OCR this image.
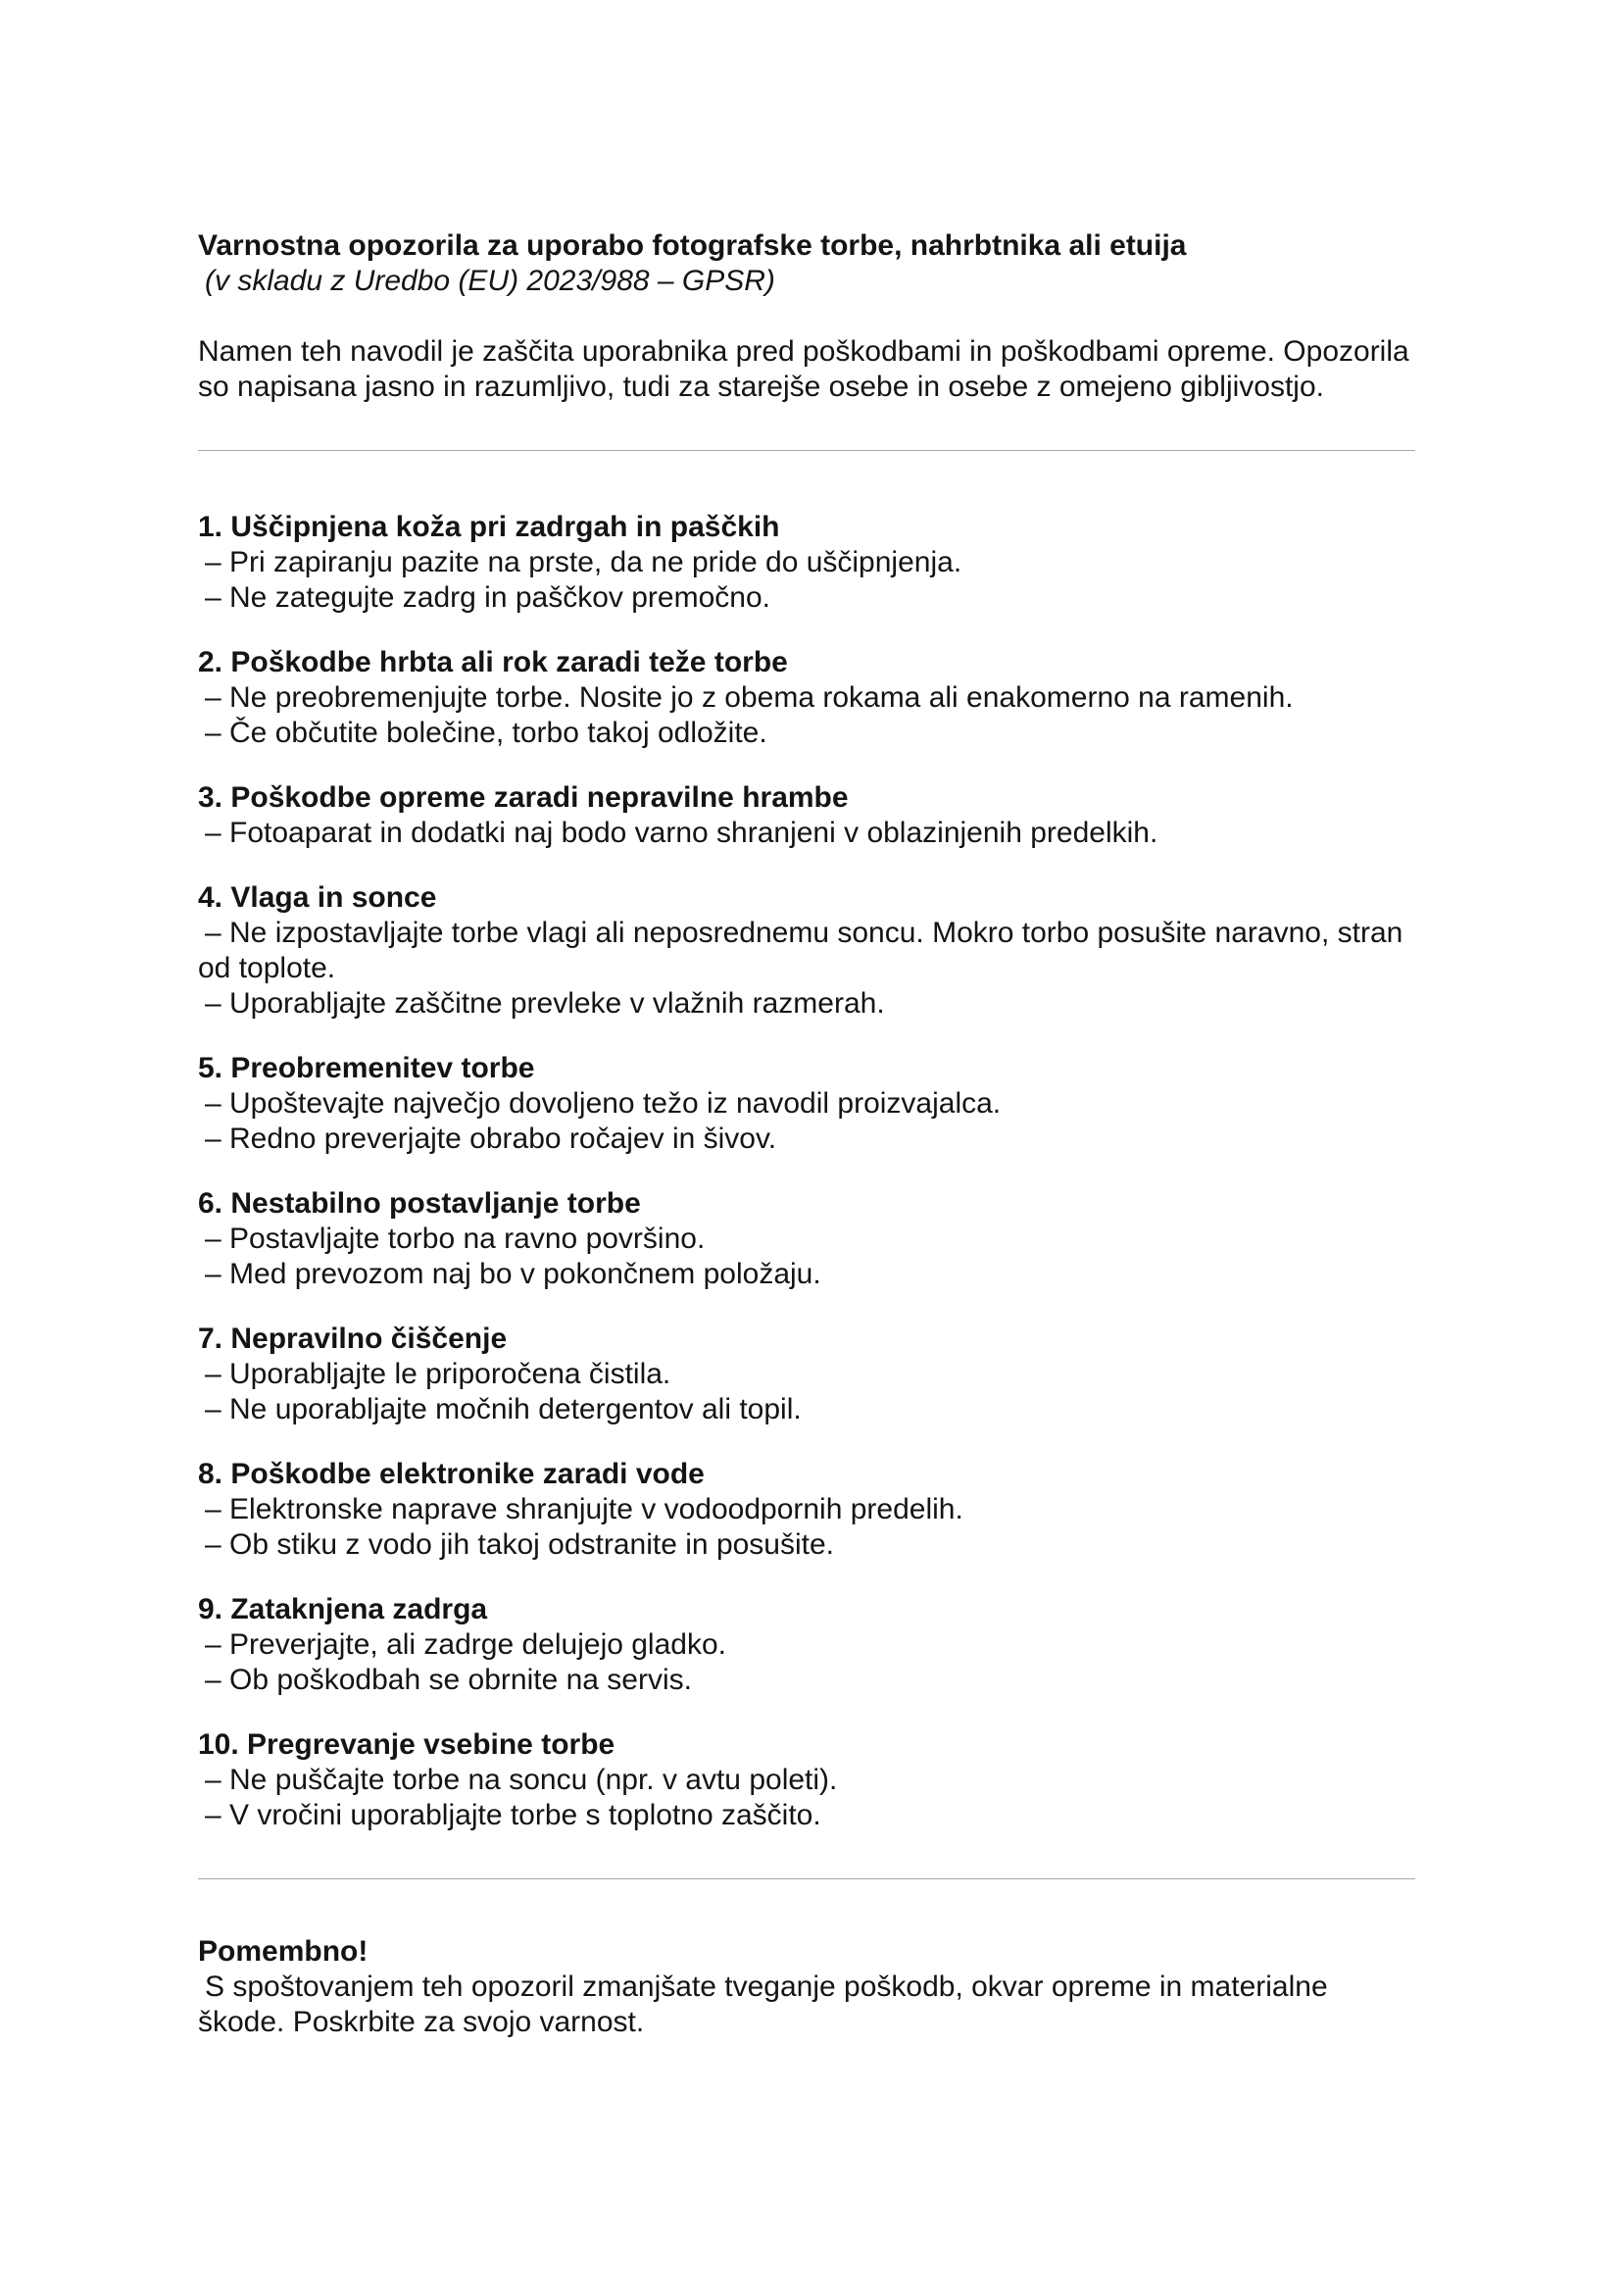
Varnostna opozorila za uporabo fotografske torbe, nahrbtnika ali etuija

(v skladu z Uredbo (EU) 2023/988 – GPSR)

Namen teh navodil je zaščita uporabnika pred poškodbami in poškodbami opreme. Opozorila so napisana jasno in razumljivo, tudi za starejše osebe in osebe z omejeno gibljivostjo.

1. Uščipnjena koža pri zadrgah in paščkih
– Pri zapiranju pazite na prste, da ne pride do uščipnjenja.
– Ne zategujte zadrg in paščkov premočno.
2. Poškodbe hrbta ali rok zaradi teže torbe
– Ne preobremenjujte torbe. Nosite jo z obema rokama ali enakomerno na ramenih.
– Če občutite bolečine, torbo takoj odložite.
3. Poškodbe opreme zaradi nepravilne hrambe
– Fotoaparat in dodatki naj bodo varno shranjeni v oblazinjenih predelkih.
4. Vlaga in sonce
– Ne izpostavljajte torbe vlagi ali neposrednemu soncu. Mokro torbo posušite naravno, stran od toplote.
– Uporabljajte zaščitne prevleke v vlažnih razmerah.
5. Preobremenitev torbe
– Upoštevajte največjo dovoljeno težo iz navodil proizvajalca.
– Redno preverjajte obrabo ročajev in šivov.
6. Nestabilno postavljanje torbe
– Postavljajte torbo na ravno površino.
– Med prevozom naj bo v pokončnem položaju.
7. Nepravilno čiščenje
– Uporabljajte le priporočena čistila.
– Ne uporabljajte močnih detergentov ali topil.
8. Poškodbe elektronike zaradi vode
– Elektronske naprave shranjujte v vodoodpornih predelih.
– Ob stiku z vodo jih takoj odstranite in posušite.
9. Zataknjena zadrga
– Preverjajte, ali zadrge delujejo gladko.
– Ob poškodbah se obrnite na servis.
10. Pregrevanje vsebine torbe
– Ne puščajte torbe na soncu (npr. v avtu poleti).
– V vročini uporabljajte torbe s toplotno zaščito.

Pomembno!

S spoštovanjem teh opozoril zmanjšate tveganje poškodb, okvar opreme in materialne škode. Poskrbite za svojo varnost.
